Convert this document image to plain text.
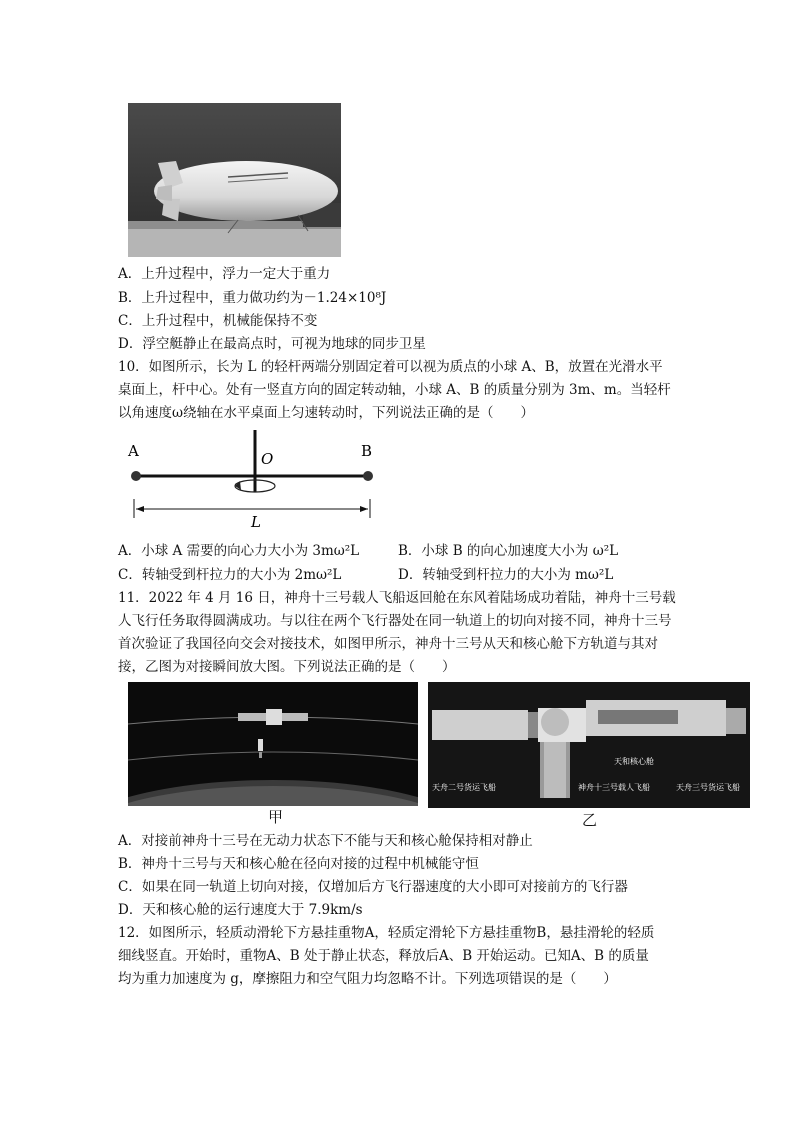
A．上升过程中，浮力一定大于重力
B．上升过程中，重力做功约为－1.24×10⁸J
C．上升过程中，机械能保持不变
D．浮空艇静止在最高点时，可视为地球的同步卫星
10．如图所示，长为 L 的轻杆两端分别固定着可以视为质点的小球 A、B，放置在光滑水平
桌面上，杆中心。处有一竖直方向的固定转动轴，小球 A、B 的质量分别为 3m、m。当轻杆
以角速度ω绕轴在水平桌面上匀速转动时，下列说法正确的是（　　）
A	B
O
L
A．小球 A 需要的向心力大小为 3mω²L	B．小球 B 的向心加速度大小为 ω²L
C．转轴受到杆拉力的大小为 2mω²L	D．转轴受到杆拉力的大小为 mω²L
11．2022 年 4 月 16 日，神舟十三号载人飞船返回舱在东风着陆场成功着陆，神舟十三号载
人飞行任务取得圆满成功。与以往在两个飞行器处在同一轨道上的切向对接不同，神舟十三号
首次验证了我国径向交会对接技术，如图甲所示，神舟十三号从天和核心舱下方轨道与其对
接，乙图为对接瞬间放大图。下列说法正确的是（　　）
甲
天和核心舱
天舟二号货运飞船	神舟十三号载人飞船	天舟三号货运飞船
乙
A．对接前神舟十三号在无动力状态下不能与天和核心舱保持相对静止
B．神舟十三号与天和核心舱在径向对接的过程中机械能守恒
C．如果在同一轨道上切向对接，仅增加后方飞行器速度的大小即可对接前方的飞行器
D．天和核心舱的运行速度大于 7.9km/s
12．如图所示，轻质动滑轮下方悬挂重物A，轻质定滑轮下方悬挂重物B，悬挂滑轮的轻质
细线竖直。开始时，重物A、B 处于静止状态，释放后A、B 开始运动。已知A、B 的质量
均为重力加速度为 g，摩擦阻力和空气阻力均忽略不计。下列选项错误的是（　　）
